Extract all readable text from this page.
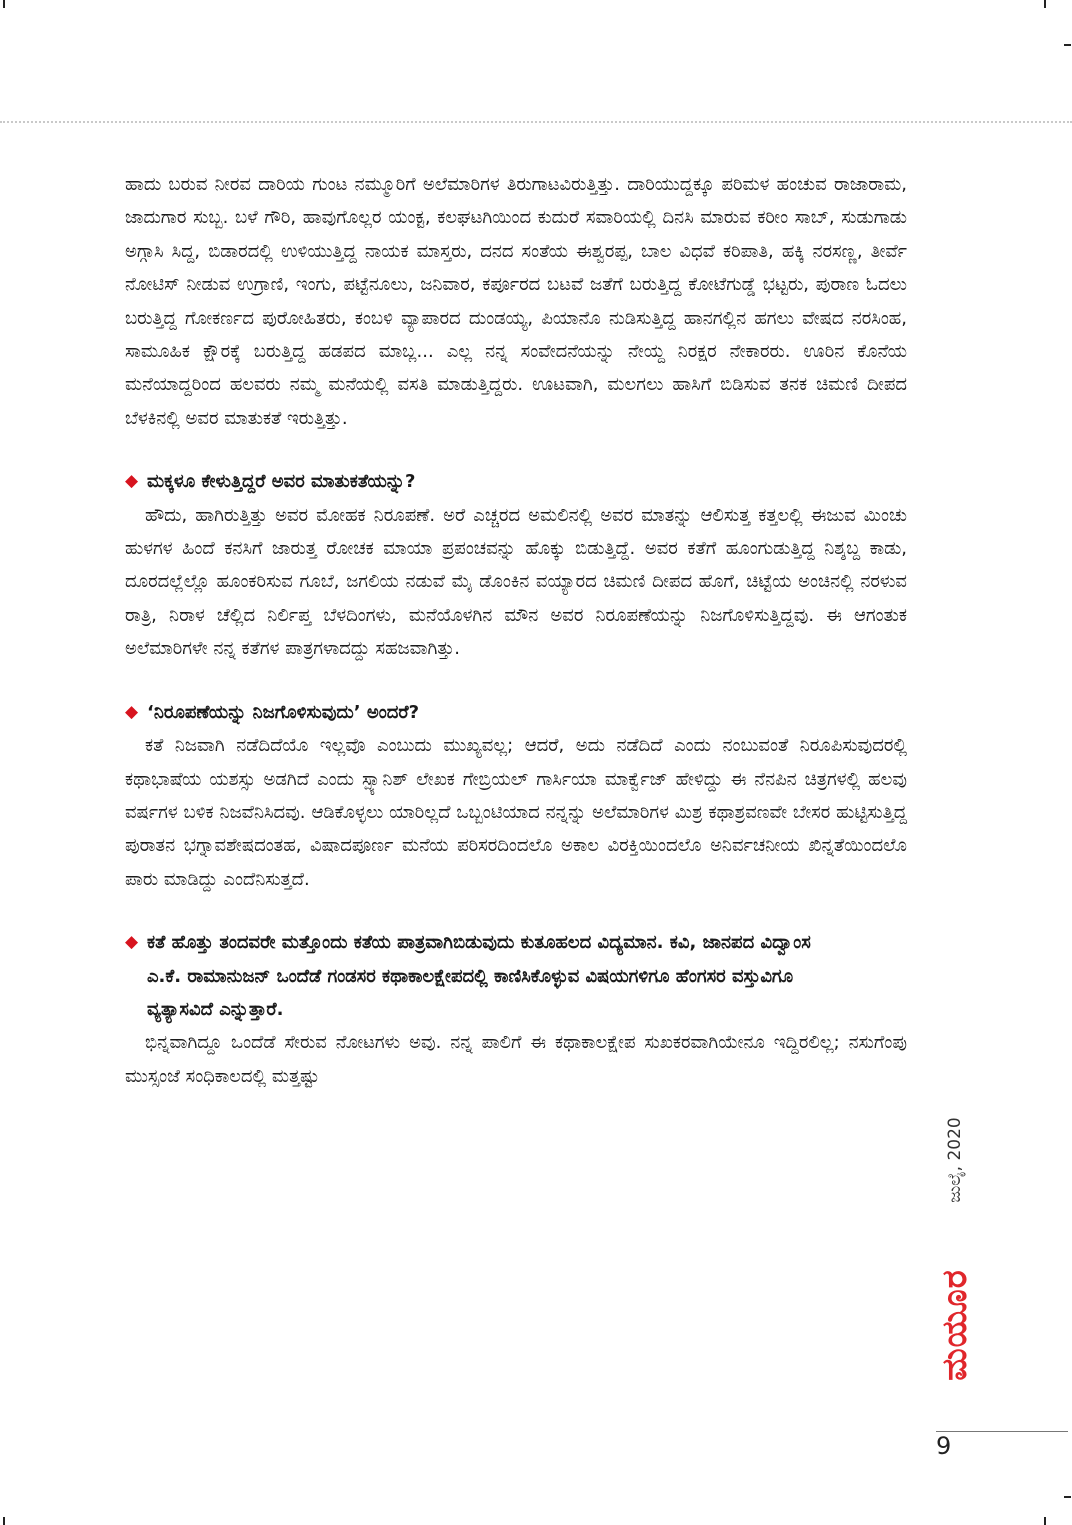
ಹಾದು ಬರುವ ನೀರವ ದಾರಿಯ ಗುಂಟ ನಮ್ಮೂರಿಗೆ ಅಲೆಮಾರಿಗಳ ತಿರುಗಾಟವಿರುತ್ತಿತ್ತು. ದಾರಿಯುದ್ದಕ್ಕೂ ಪರಿಮಳ ಹಂಚುವ ರಾಜಾರಾಮ, ಜಾದುಗಾರ ಸುಬ್ಬ. ಬಳೆ ಗೌರಿ, ಹಾವುಗೊಲ್ಲರ ಯಂಕ್ಟ, ಕಲಘಟಗಿಯಿಂದ ಕುದುರೆ ಸವಾರಿಯಲ್ಲಿ ದಿನಸಿ ಮಾರುವ ಕರೀಂ ಸಾಬ್, ಸುಡುಗಾಡು ಅಗ್ಗಾಸಿ ಸಿದ್ದ, ಬಿಡಾರದಲ್ಲಿ ಉಳಿಯುತ್ತಿದ್ದ ನಾಯಕ ಮಾಸ್ತರು, ದನದ ಸಂತೆಯ ಈಶ್ವರಪ್ಪ, ಬಾಲ ವಿಧವೆ ಕರಿಪಾತಿ, ಹಕ್ಕಿ ನರಸಣ್ಣ, ತೀರ್ವೆ ನೋಟಿಸ್ ನೀಡುವ ಉಗ್ರಾಣಿ, ಇಂಗು, ಪಟ್ಟೆನೂಲು, ಜನಿವಾರ, ಕರ್ಪೂರದ ಬಟವೆ ಜತೆಗೆ ಬರುತ್ತಿದ್ದ ಕೋಟೆಗುಡ್ಡೆ ಭಟ್ಟರು, ಪುರಾಣ ಓದಲು ಬರುತ್ತಿದ್ದ ಗೋಕರ್ಣದ ಪುರೋಹಿತರು, ಕಂಬಳಿ ವ್ಯಾಪಾರದ ದುಂಡಯ್ಯ, ಪಿಯಾನೊ ನುಡಿಸುತ್ತಿದ್ದ ಹಾನಗಲ್ಲಿನ ಹಗಲು ವೇಷದ ನರಸಿಂಹ, ಸಾಮೂಹಿಕ ಕ್ಷೌರಕ್ಕೆ ಬರುತ್ತಿದ್ದ ಹಡಪದ ಮಾಬ್ಲ... ಎಲ್ಲ ನನ್ನ ಸಂವೇದನೆಯನ್ನು ನೇಯ್ದ ನಿರಕ್ಷರ ನೇಕಾರರು. ಊರಿನ ಕೊನೆಯ ಮನೆಯಾದ್ದರಿಂದ ಹಲವರು ನಮ್ಮ ಮನೆಯಲ್ಲಿ ವಸತಿ ಮಾಡುತ್ತಿದ್ದರು. ಊಟವಾಗಿ, ಮಲಗಲು ಹಾಸಿಗೆ ಬಿಡಿಸುವ ತನಕ ಚಿಮಣಿ ದೀಪದ ಬೆಳಕಿನಲ್ಲಿ ಅವರ ಮಾತುಕತೆ ಇರುತ್ತಿತ್ತು.

◆ ಮಕ್ಕಳೂ ಕೇಳುತ್ತಿದ್ದರೆ ಅವರ ಮಾತುಕತೆಯನ್ನು?

ಹೌದು, ಹಾಗಿರುತ್ತಿತ್ತು ಅವರ ಮೋಹಕ ನಿರೂಪಣೆ. ಅರೆ ಎಚ್ಚರದ ಅಮಲಿನಲ್ಲಿ ಅವರ ಮಾತನ್ನು ಆಲಿಸುತ್ತ ಕತ್ತಲಲ್ಲಿ ಈಜುವ ಮಿಂಚು ಹುಳಗಳ ಹಿಂದೆ ಕನಸಿಗೆ ಜಾರುತ್ತ ರೋಚಕ ಮಾಯಾ ಪ್ರಪಂಚವನ್ನು ಹೊಕ್ಕು ಬಿಡುತ್ತಿದ್ದೆ. ಅವರ ಕತೆಗೆ ಹೂಂಗುಡುತ್ತಿದ್ದ ನಿಶ್ಶಬ್ದ ಕಾಡು, ದೂರದಲ್ಲೆಲ್ಲೊ ಹೂಂಕರಿಸುವ ಗೂಬೆ, ಜಗಲಿಯ ನಡುವೆ ಮೈ ಡೊಂಕಿನ ವಯ್ಯಾರದ ಚಿಮಣಿ ದೀಪದ ಹೊಗೆ, ಚಿಟ್ಟೆಯ ಅಂಚಿನಲ್ಲಿ ನರಳುವ ರಾತ್ರಿ, ನಿರಾಳ ಚೆಲ್ಲಿದ ನಿರ್ಲಿಪ್ತ ಬೆಳದಿಂಗಳು, ಮನೆಯೊಳಗಿನ ಮೌನ ಅವರ ನಿರೂಪಣೆಯನ್ನು ನಿಜಗೊಳಿಸುತ್ತಿದ್ದವು. ಈ ಆಗಂತುಕ ಅಲೆಮಾರಿಗಳೇ ನನ್ನ ಕತೆಗಳ ಪಾತ್ರಗಳಾದದ್ದು ಸಹಜವಾಗಿತ್ತು.

◆ ‘ನಿರೂಪಣೆಯನ್ನು ನಿಜಗೊಳಿಸುವುದು’ ಅಂದರೆ?

ಕತೆ ನಿಜವಾಗಿ ನಡೆದಿದೆಯೊ ಇಲ್ಲವೊ ಎಂಬುದು ಮುಖ್ಯವಲ್ಲ; ಆದರೆ, ಅದು ನಡೆದಿದೆ ಎಂದು ನಂಬುವಂತೆ ನಿರೂಪಿಸುವುದರಲ್ಲಿ ಕಥಾಭಾಷೆಯ ಯಶಸ್ಸು ಅಡಗಿದೆ ಎಂದು ಸ್ಪ್ಯಾನಿಶ್ ಲೇಖಕ ಗೇಬ್ರಿಯಲ್ ಗಾರ್ಸಿಯಾ ಮಾರ್ಕ್ವೆಜ್ ಹೇಳಿದ್ದು ಈ ನೆನಪಿನ ಚಿತ್ರಗಳಲ್ಲಿ ಹಲವು ವರ್ಷಗಳ ಬಳಿಕ ನಿಜವೆನಿಸಿದವು. ಆಡಿಕೊಳ್ಳಲು ಯಾರಿಲ್ಲದೆ ಒಬ್ಬಂಟಿಯಾದ ನನ್ನನ್ನು ಅಲೆಮಾರಿಗಳ ಮಿಶ್ರ ಕಥಾಶ್ರವಣವೇ ಬೇಸರ ಹುಟ್ಟಿಸುತ್ತಿದ್ದ ಪುರಾತನ ಭಗ್ನಾವಶೇಷದಂತಹ, ವಿಷಾದಪೂರ್ಣ ಮನೆಯ ಪರಿಸರದಿಂದಲೊ ಅಕಾಲ ವಿರಕ್ತಿಯಿಂದಲೊ ಅನಿರ್ವಚನೀಯ ಖಿನ್ನತೆಯಿಂದಲೊ ಪಾರು ಮಾಡಿದ್ದು ಎಂದೆನಿಸುತ್ತದೆ.

◆ ಕತೆ ಹೊತ್ತು ತಂದವರೇ ಮತ್ತೊಂದು ಕತೆಯ ಪಾತ್ರವಾಗಿಬಿಡುವುದು ಕುತೂಹಲದ ವಿದ್ಯಮಾನ. ಕವಿ, ಜಾನಪದ ವಿದ್ವಾಂಸ ಎ.ಕೆ. ರಾಮಾನುಜನ್ ಒಂದೆಡೆ ಗಂಡಸರ ಕಥಾಕಾಲಕ್ಷೇಪದಲ್ಲಿ ಕಾಣಿಸಿಕೊಳ್ಳುವ ವಿಷಯಗಳಿಗೂ ಹೆಂಗಸರ ವಸ್ತುವಿಗೂ ವ್ಯತ್ಯಾಸವಿದೆ ಎನ್ನುತ್ತಾರೆ.

ಭಿನ್ನವಾಗಿದ್ದೂ ಒಂದೆಡೆ ಸೇರುವ ನೋಟಗಳು ಅವು. ನನ್ನ ಪಾಲಿಗೆ ಈ ಕಥಾಕಾಲಕ್ಷೇಪ ಸುಖಕರವಾಗಿಯೇನೂ ಇದ್ದಿರಲಿಲ್ಲ; ನಸುಗೆಂಪು ಮುಸ್ಸಂಜೆ ಸಂಧಿಕಾಲದಲ್ಲಿ ಮತ್ತಷ್ಟು

ಜುಲೈ, 2020
ಮಯೂರ
9
